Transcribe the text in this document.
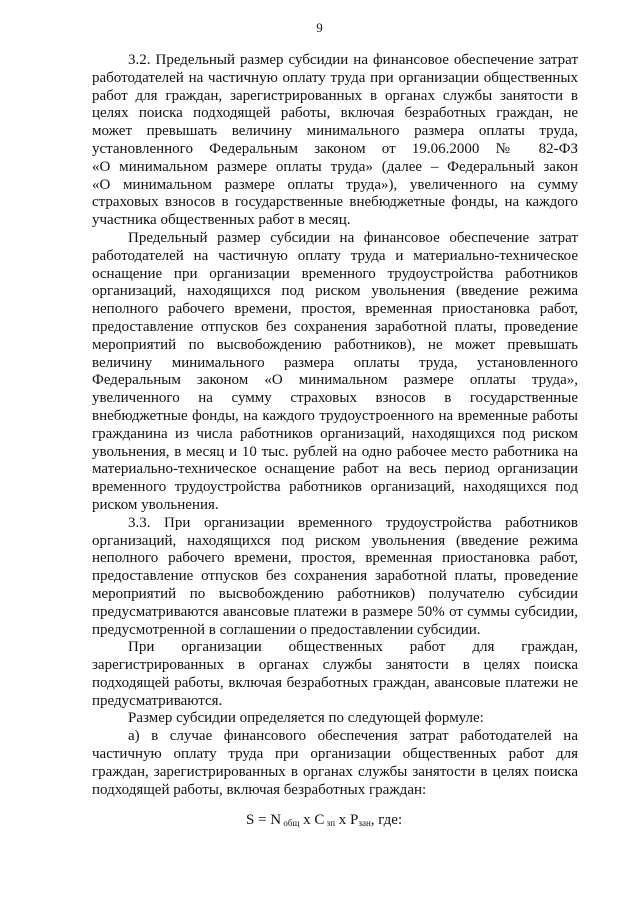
9
3.2. Предельный размер субсидии на финансовое обеспечение затрат
работодателей на частичную оплату труда при организации общественных
работ для граждан, зарегистрированных в органах службы занятости в
целях поиска подходящей работы, включая безработных граждан, не
может превышать величину минимального размера оплаты труда,
установленного Федеральным законом от 19.06.2000 № 82-ФЗ
«О минимальном размере оплаты труда» (далее – Федеральный закон
«О минимальном размере оплаты труда»), увеличенного на сумму
страховых взносов в государственные внебюджетные фонды, на каждого
участника общественных работ в месяц.
Предельный размер субсидии на финансовое обеспечение затрат
работодателей на частичную оплату труда и материально-техническое
оснащение при организации временного трудоустройства работников
организаций, находящихся под риском увольнения (введение режима
неполного рабочего времени, простоя, временная приостановка работ,
предоставление отпусков без сохранения заработной платы, проведение
мероприятий по высвобождению работников), не может превышать
величину минимального размера оплаты труда, установленного
Федеральным законом «О минимальном размере оплаты труда»,
увеличенного на сумму страховых взносов в государственные
внебюджетные фонды, на каждого трудоустроенного на временные работы
гражданина из числа работников организаций, находящихся под риском
увольнения, в месяц и 10 тыс. рублей на одно рабочее место работника на
материально-техническое оснащение работ на весь период организации
временного трудоустройства работников организаций, находящихся под
риском увольнения.
3.3. При организации временного трудоустройства работников
организаций, находящихся под риском увольнения (введение режима
неполного рабочего времени, простоя, временная приостановка работ,
предоставление отпусков без сохранения заработной платы, проведение
мероприятий по высвобождению работников) получателю субсидии
предусматриваются авансовые платежи в размере 50% от суммы субсидии,
предусмотренной в соглашении о предоставлении субсидии.
При организации общественных работ для граждан,
зарегистрированных в органах службы занятости в целях поиска
подходящей работы, включая безработных граждан, авансовые платежи не
предусматриваются.
Размер субсидии определяется по следующей формуле:
а) в случае финансового обеспечения затрат работодателей на
частичную оплату труда при организации общественных работ для
граждан, зарегистрированных в органах службы занятости в целях поиска
подходящей работы, включая безработных граждан:
S = N $_{общ}$ x C $_{зп}$ x $P_{зан}$, где:
